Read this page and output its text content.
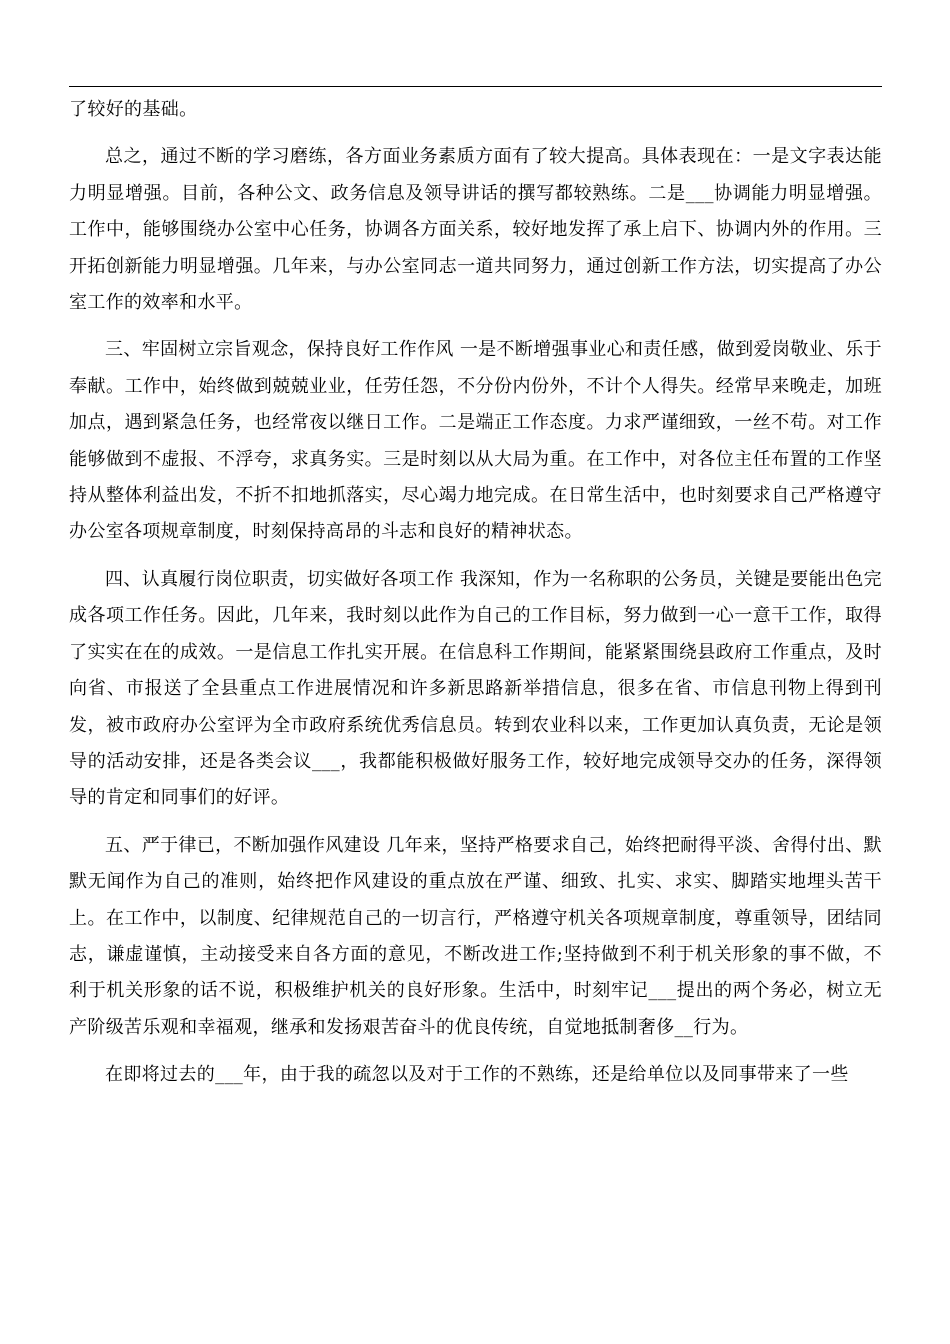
了较好的基础。

总之，通过不断的学习磨练，各方面业务素质方面有了较大提高。具体表现在：一是文字表达能力明显增强。目前，各种公文、政务信息及领导讲话的撰写都较熟练。二是___协调能力明显增强。工作中，能够围绕办公室中心任务，协调各方面关系，较好地发挥了承上启下、协调内外的作用。三开拓创新能力明显增强。几年来，与办公室同志一道共同努力，通过创新工作方法，切实提高了办公室工作的效率和水平。

三、牢固树立宗旨观念，保持良好工作作风 一是不断增强事业心和责任感，做到爱岗敬业、乐于奉献。工作中，始终做到兢兢业业，任劳任怨，不分份内份外，不计个人得失。经常早来晚走，加班加点，遇到紧急任务，也经常夜以继日工作。二是端正工作态度。力求严谨细致，一丝不苟。对工作能够做到不虚报、不浮夸，求真务实。三是时刻以从大局为重。在工作中，对各位主任布置的工作坚持从整体利益出发，不折不扣地抓落实，尽心竭力地完成。在日常生活中，也时刻要求自己严格遵守办公室各项规章制度，时刻保持高昂的斗志和良好的精神状态。

四、认真履行岗位职责，切实做好各项工作 我深知，作为一名称职的公务员，关键是要能出色完成各项工作任务。因此，几年来，我时刻以此作为自己的工作目标，努力做到一心一意干工作，取得了实实在在的成效。一是信息工作扎实开展。在信息科工作期间，能紧紧围绕县政府工作重点，及时向省、市报送了全县重点工作进展情况和许多新思路新举措信息，很多在省、市信息刊物上得到刊发，被市政府办公室评为全市政府系统优秀信息员。转到农业科以来，工作更加认真负责，无论是领导的活动安排，还是各类会议___，我都能积极做好服务工作，较好地完成领导交办的任务，深得领导的肯定和同事们的好评。

五、严于律已，不断加强作风建设 几年来，坚持严格要求自己，始终把耐得平淡、舍得付出、默默无闻作为自己的准则，始终把作风建设的重点放在严谨、细致、扎实、求实、脚踏实地埋头苦干上。在工作中，以制度、纪律规范自己的一切言行，严格遵守机关各项规章制度，尊重领导，团结同志，谦虚谨慎，主动接受来自各方面的意见，不断改进工作;坚持做到不利于机关形象的事不做，不利于机关形象的话不说，积极维护机关的良好形象。生活中，时刻牢记___提出的两个务必，树立无产阶级苦乐观和幸福观，继承和发扬艰苦奋斗的优良传统，自觉地抵制奢侈__行为。

在即将过去的___年，由于我的疏忽以及对于工作的不熟练，还是给单位以及同事带来了一些
